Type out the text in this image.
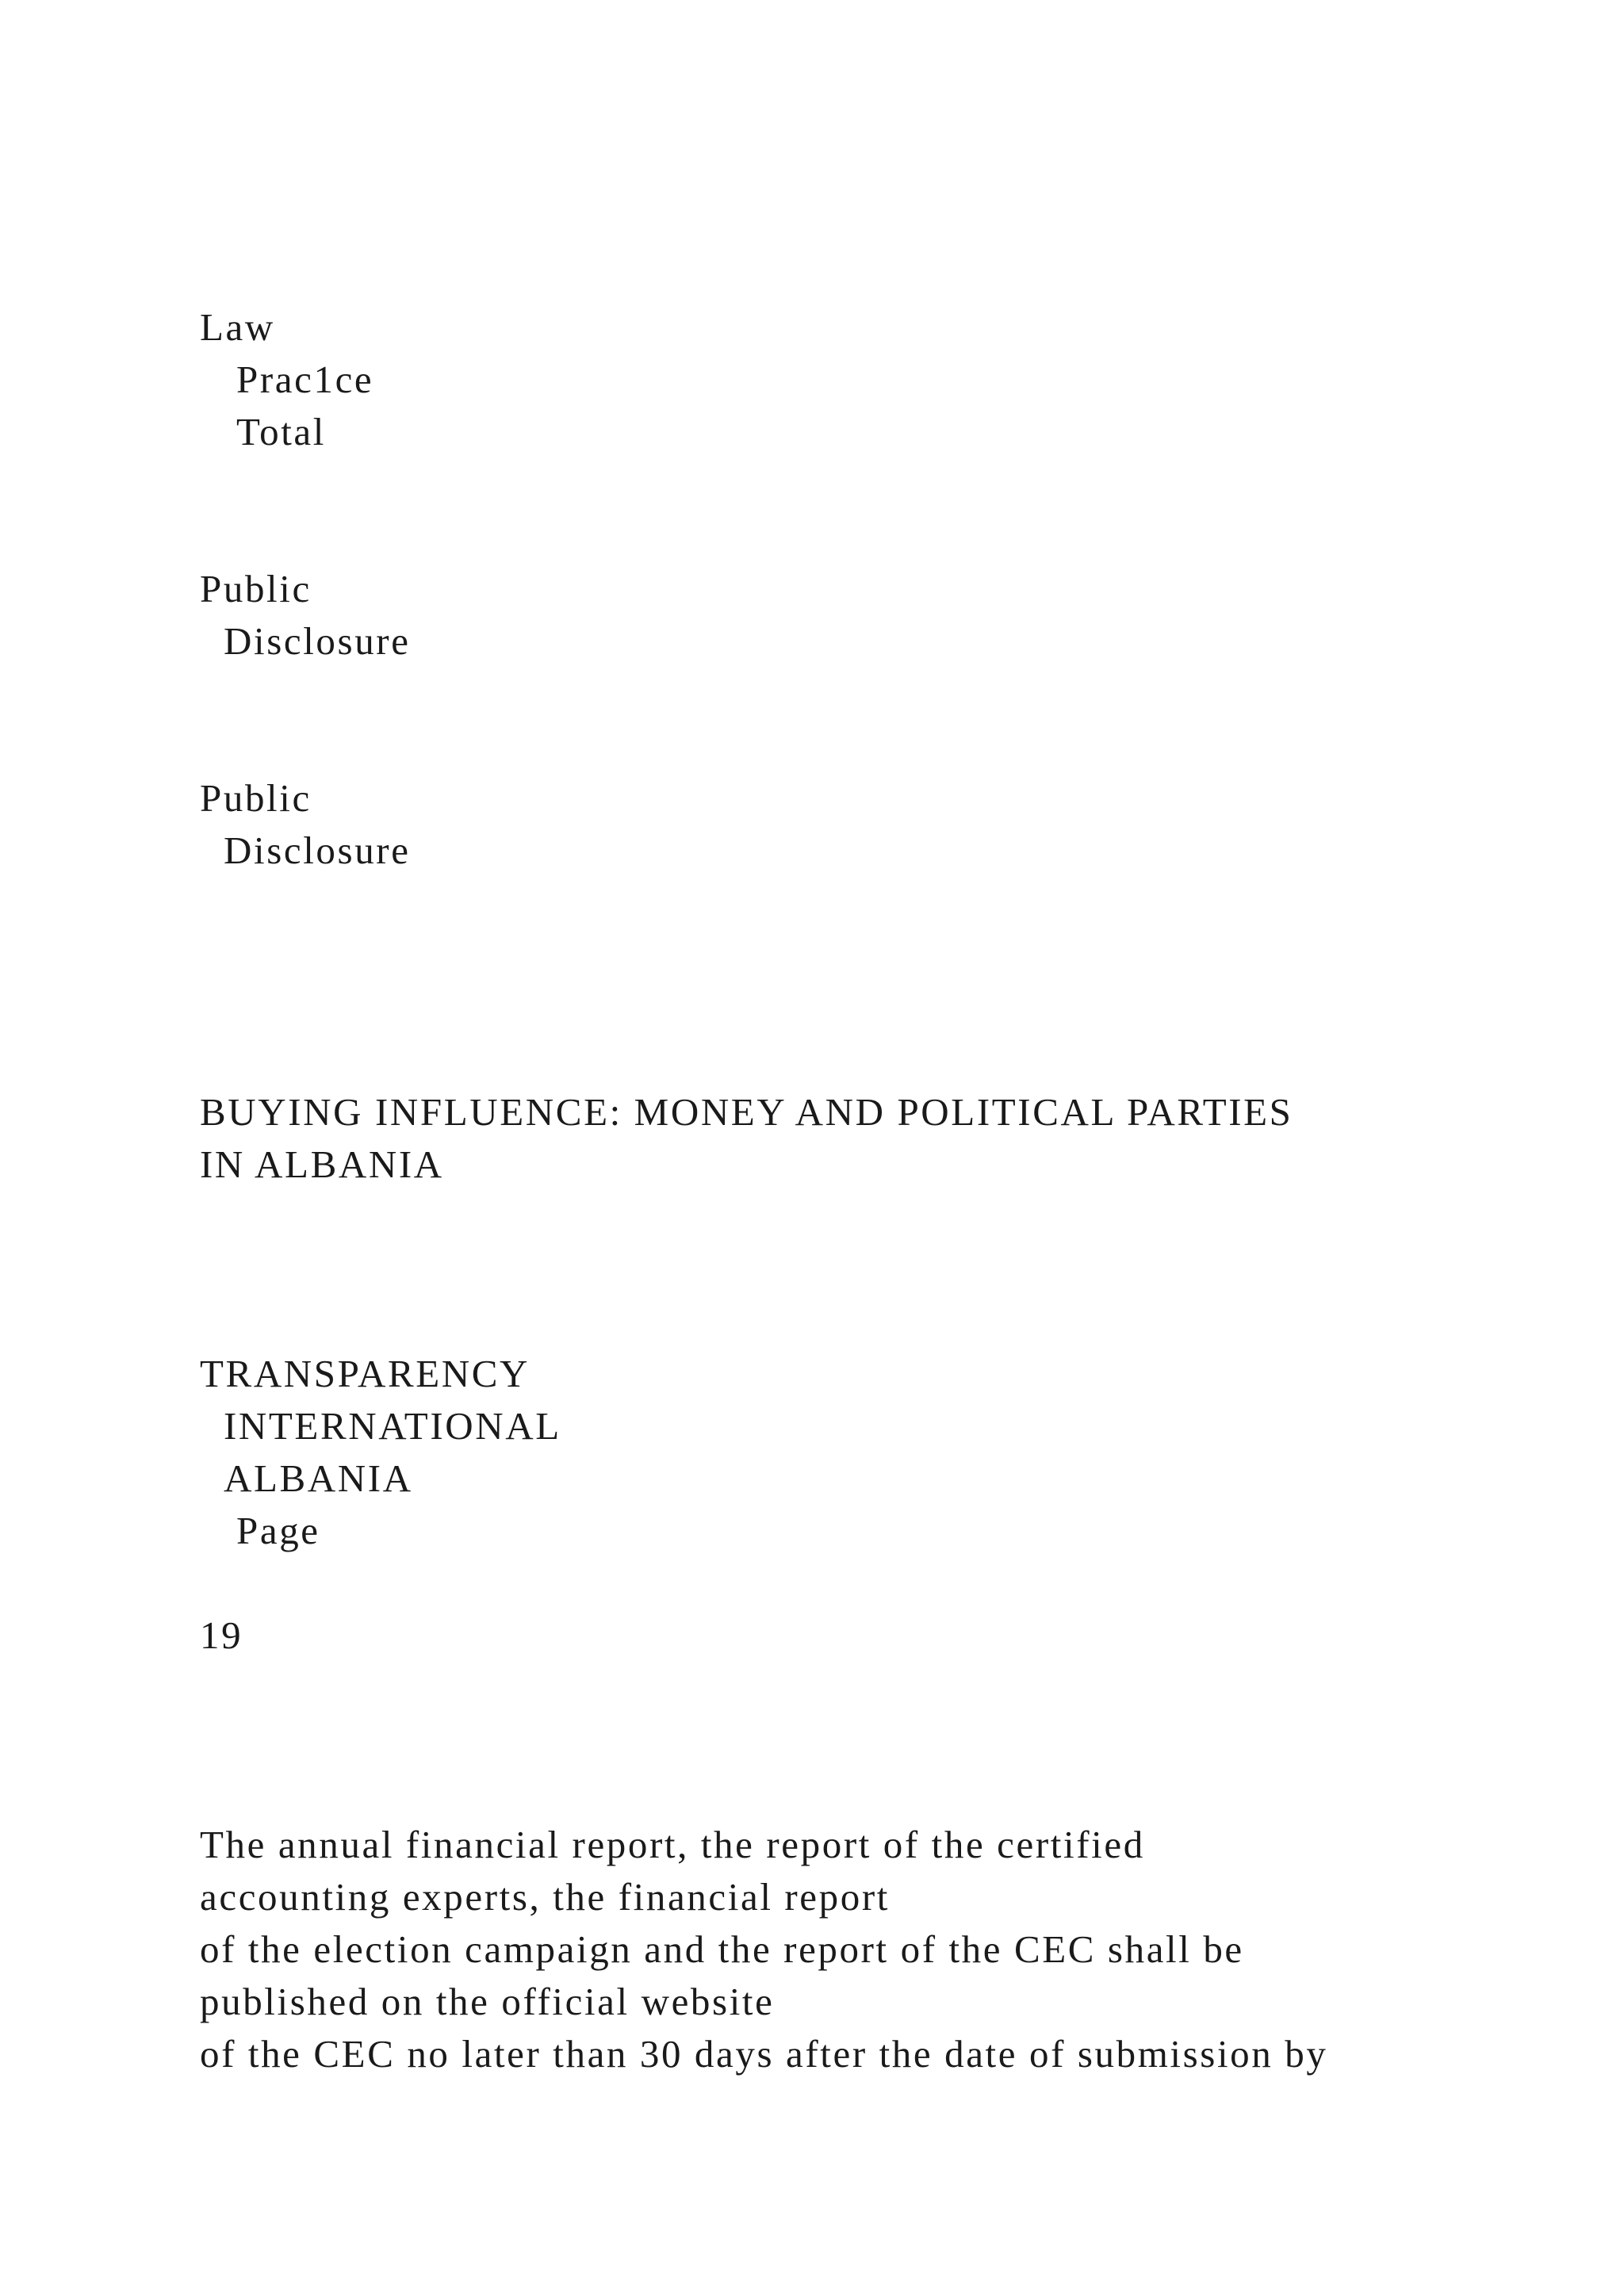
Law

Prac1ce

Total

Public

Disclosure

Public

Disclosure

BUYING INFLUENCE: MONEY AND POLITICAL PARTIES

IN ALBANIA

TRANSPARENCY

INTERNATIONAL

ALBANIA

Page

19

The annual financial report, the report of the certified

accounting experts, the financial report

of the election campaign and the report of the CEC shall be

published on the official website

of the CEC no later than 30 days after the date of submission by
